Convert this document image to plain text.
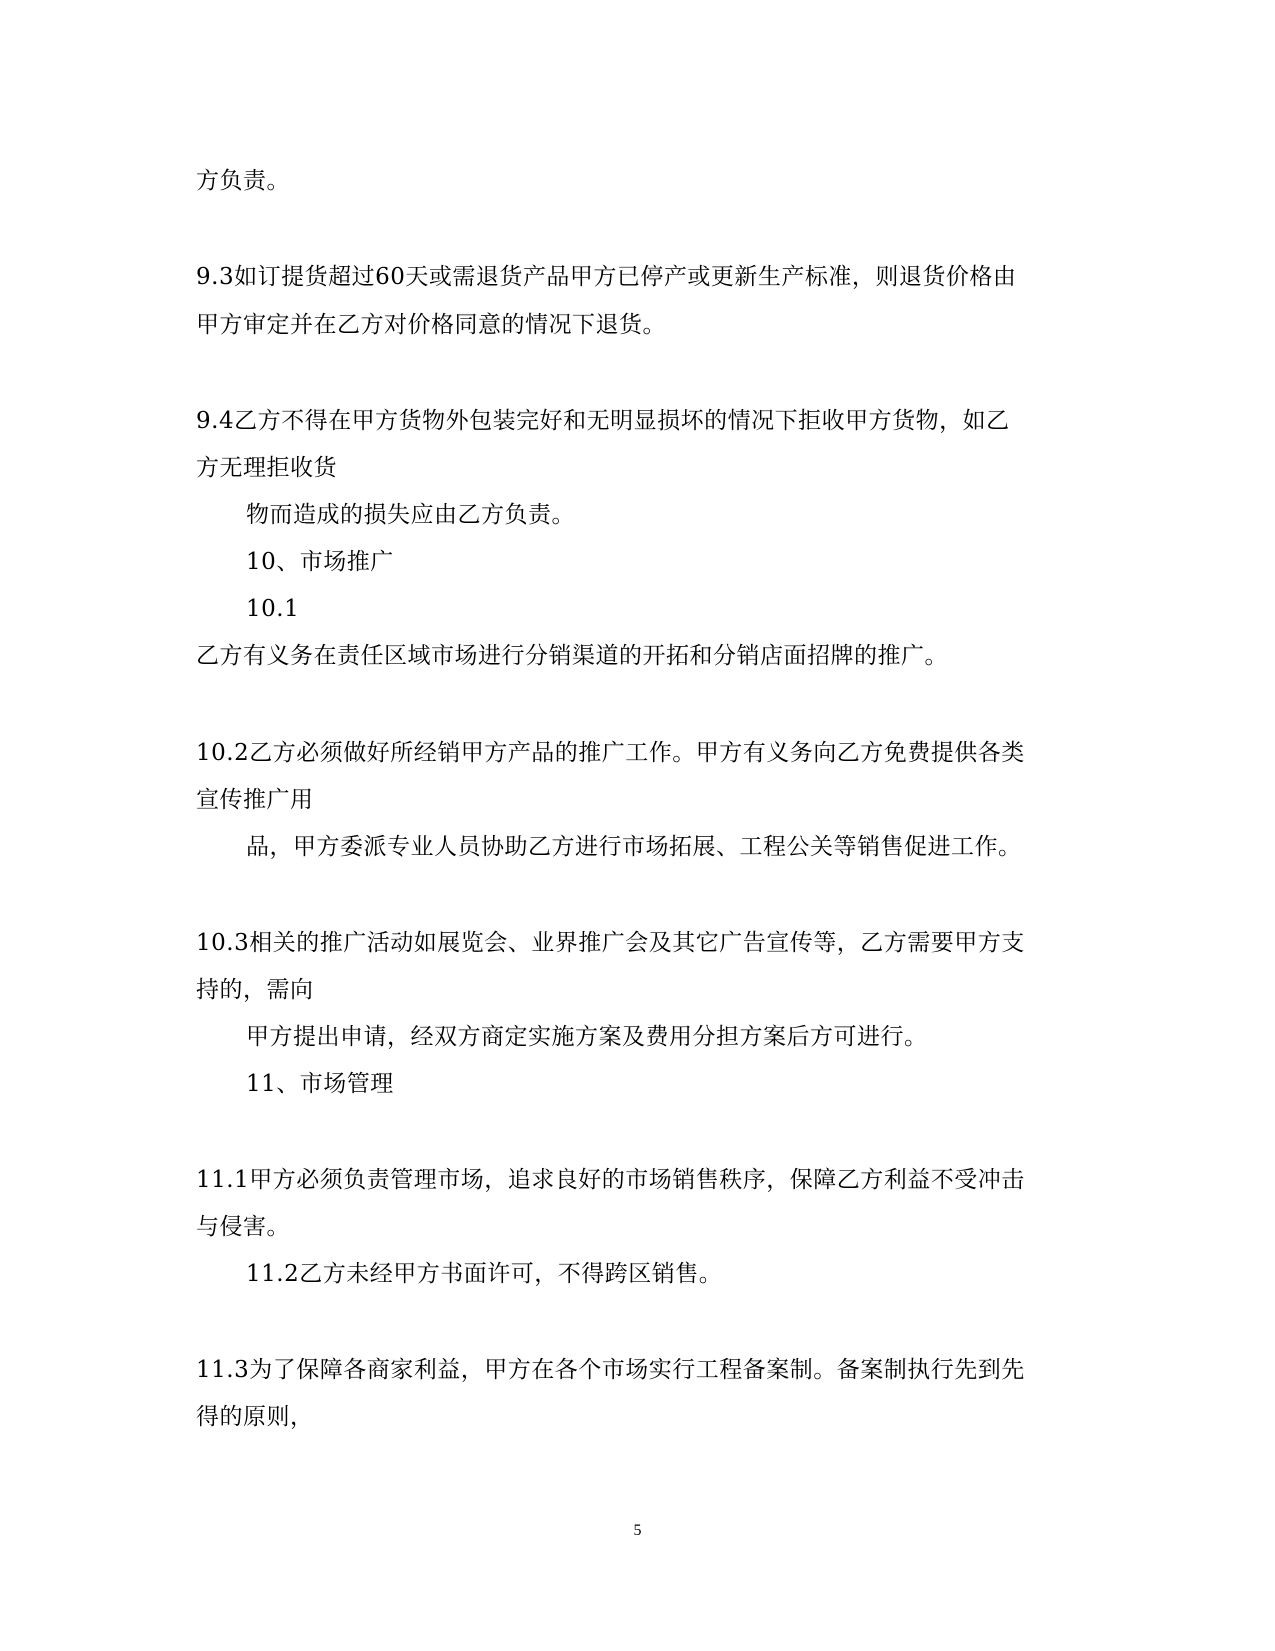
方负责。
9.3如订提货超过60天或需退货产品甲方已停产或更新生产标准，则退货价格由
甲方审定并在乙方对价格同意的情况下退货。
9.4乙方不得在甲方货物外包装完好和无明显损坏的情况下拒收甲方货物，如乙
方无理拒收货
物而造成的损失应由乙方负责。
10、市场推广
10.1
乙方有义务在责任区域市场进行分销渠道的开拓和分销店面招牌的推广。
10.2乙方必须做好所经销甲方产品的推广工作。甲方有义务向乙方免费提供各类
宣传推广用
品，甲方委派专业人员协助乙方进行市场拓展、工程公关等销售促进工作。
10.3相关的推广活动如展览会、业界推广会及其它广告宣传等，乙方需要甲方支
持的，需向
甲方提出申请，经双方商定实施方案及费用分担方案后方可进行。
11、市场管理
11.1甲方必须负责管理市场，追求良好的市场销售秩序，保障乙方利益不受冲击
与侵害。
11.2乙方未经甲方书面许可，不得跨区销售。
11.3为了保障各商家利益，甲方在各个市场实行工程备案制。备案制执行先到先
得的原则，
5
